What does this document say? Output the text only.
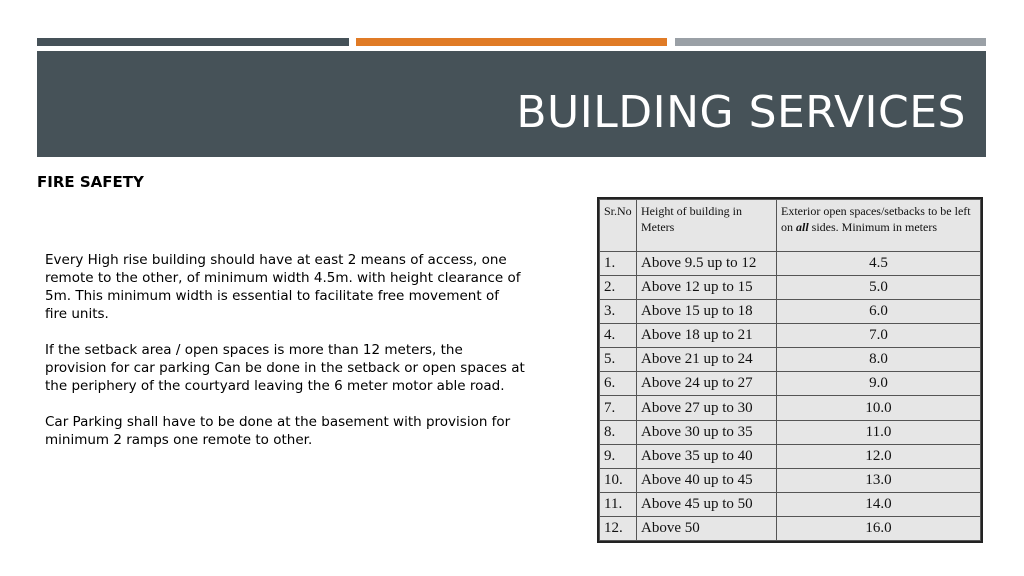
BUILDING SERVICES
FIRE SAFETY

Every High rise building should have at east 2 means of access, one remote to the other, of minimum width 4.5m. with height clearance of 5m. This minimum width is essential to facilitate free movement of fire units.

If the setback area / open spaces is more than 12 meters, the provision for car parking Can be done in the setback or open spaces at the periphery of the courtyard leaving the 6 meter motor able road.

Car Parking shall have to be done at the basement with provision for minimum 2 ramps one remote to other.

Sr.No	Height of building in Meters	Exterior open spaces/setbacks to be left on all sides. Minimum in meters
1.	Above 9.5 up to 12	4.5
2.	Above 12 up to 15	5.0
3.	Above 15 up to 18	6.0
4.	Above 18 up to 21	7.0
5.	Above 21 up to 24	8.0
6.	Above 24 up to 27	9.0
7.	Above 27 up to 30	10.0
8.	Above 30 up to 35	11.0
9.	Above 35 up to 40	12.0
10.	Above 40 up to 45	13.0
11.	Above 45 up to 50	14.0
12.	Above 50	16.0
